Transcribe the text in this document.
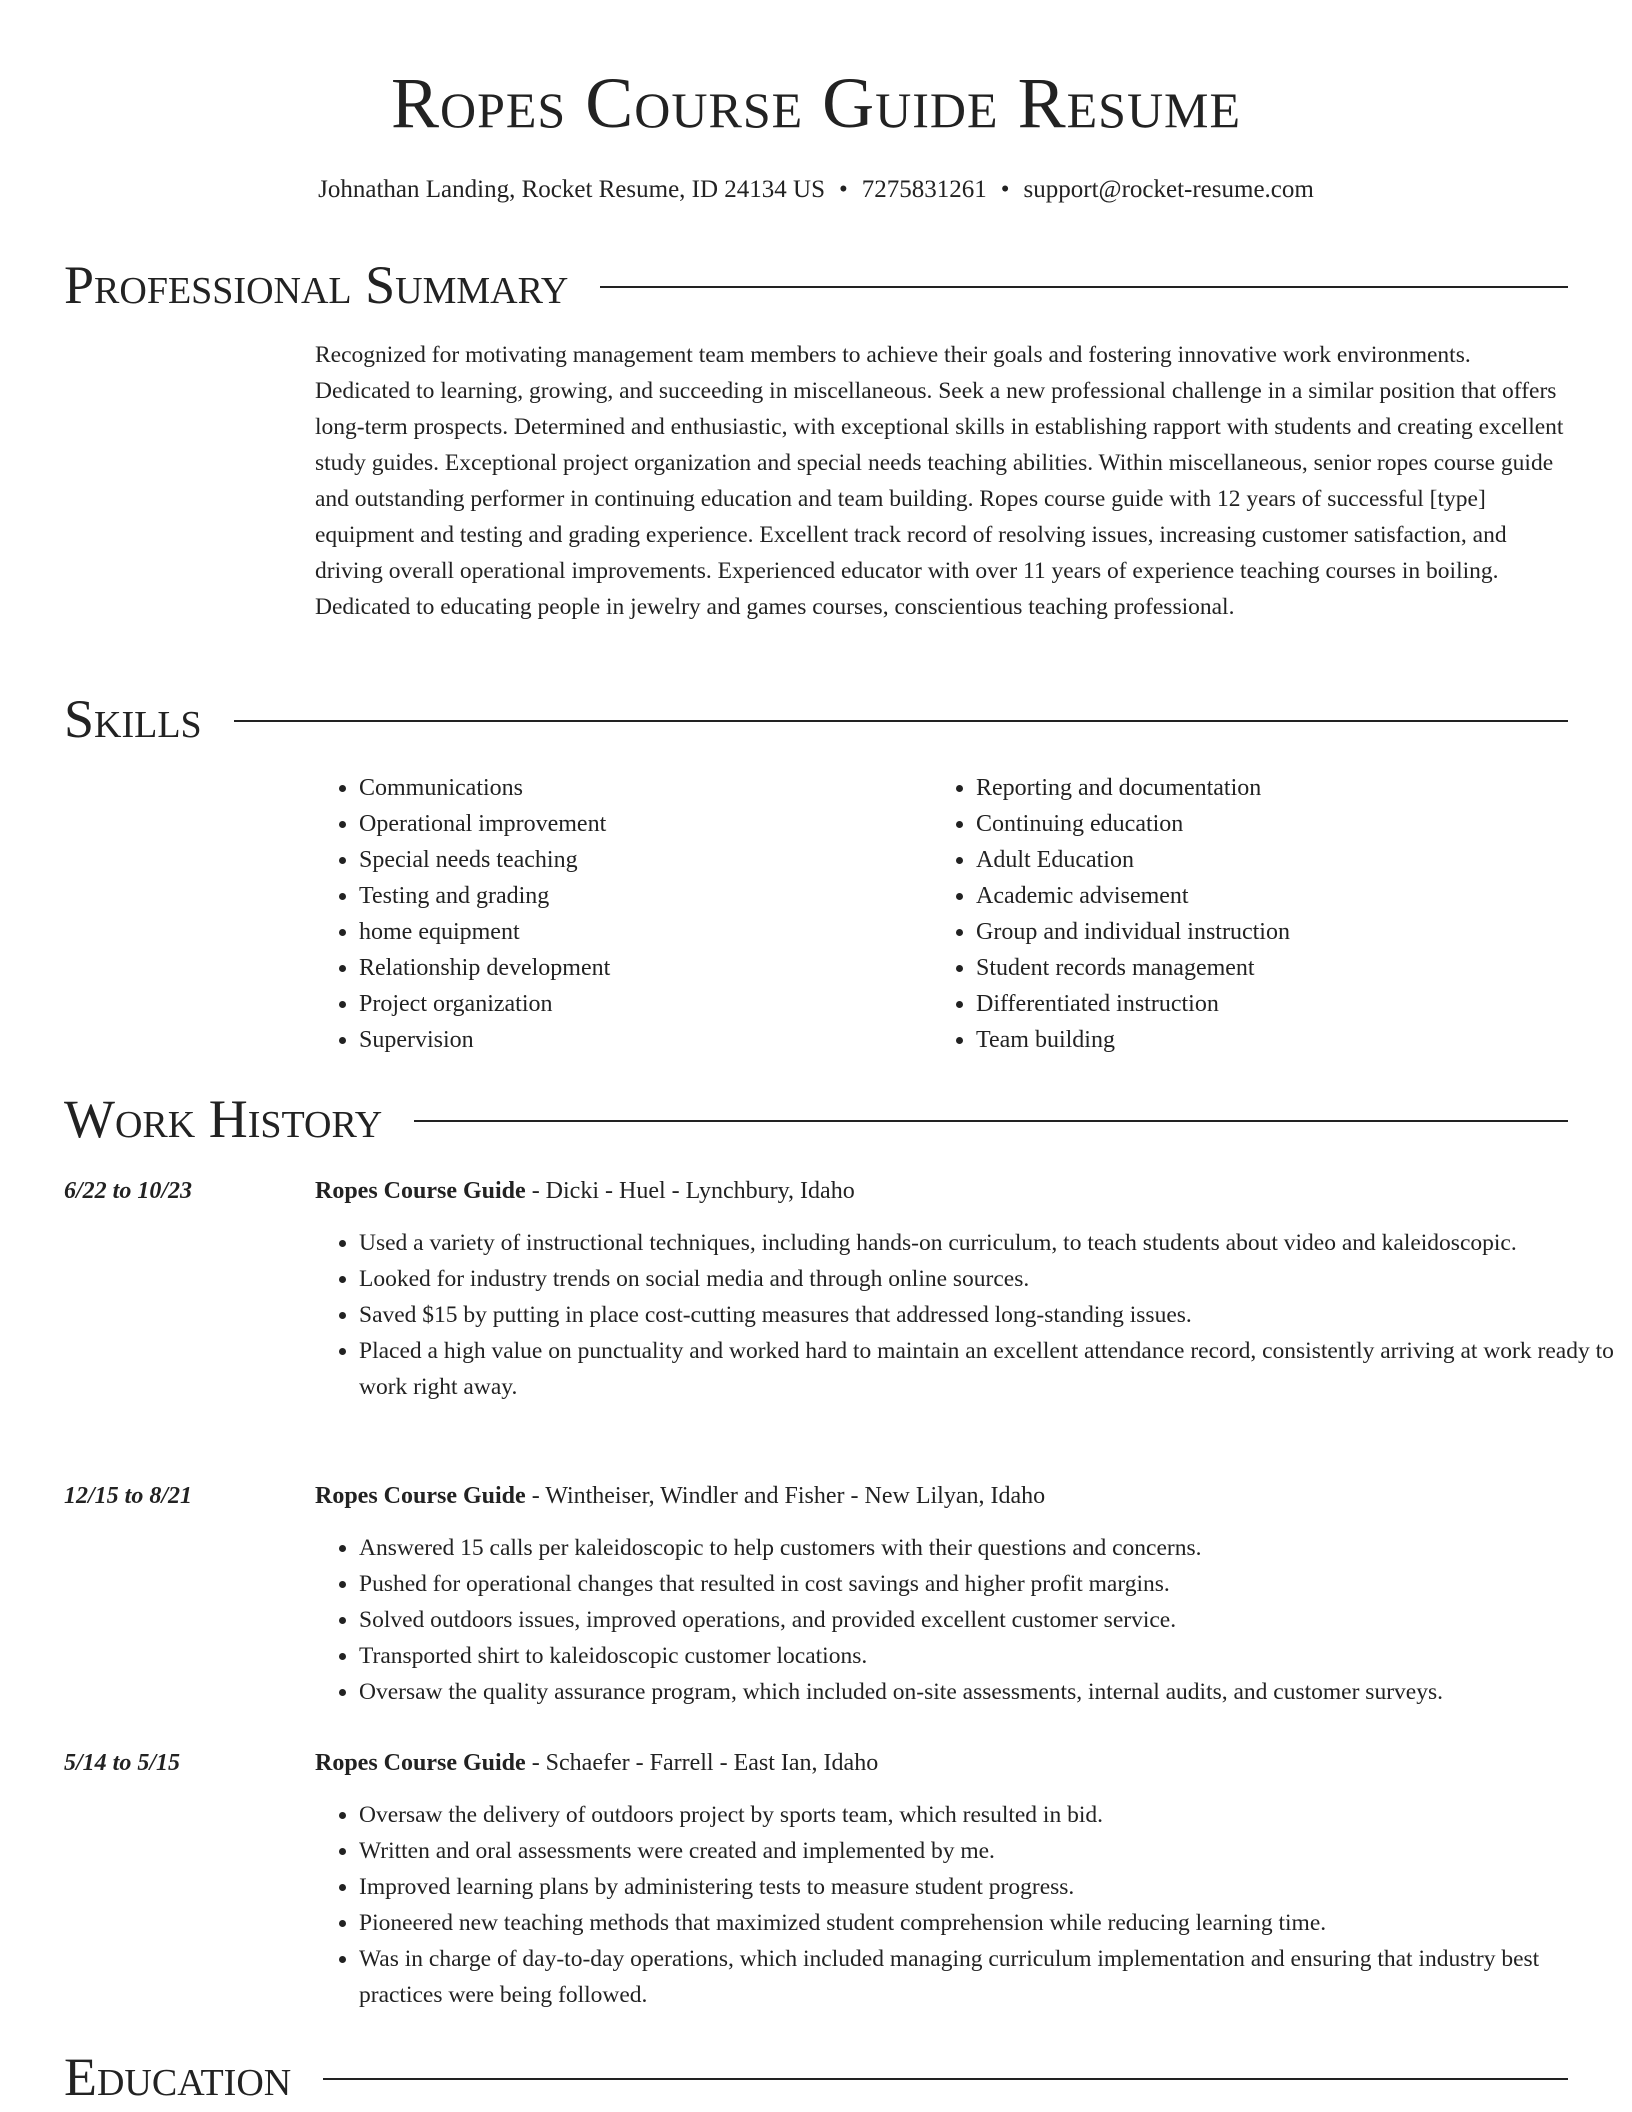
Ropes Course Guide Resume
Johnathan Landing, Rocket Resume, ID 24134 US • 7275831261 • support@rocket-resume.com
Professional Summary

Recognized for motivating management team members to achieve their goals and fostering innovative work environments. Dedicated to learning, growing, and succeeding in miscellaneous. Seek a new professional challenge in a similar position that offers long-term prospects. Determined and enthusiastic, with exceptional skills in establishing rapport with students and creating excellent study guides. Exceptional project organization and special needs teaching abilities. Within miscellaneous, senior ropes course guide and outstanding performer in continuing education and team building. Ropes course guide with 12 years of successful [type] equipment and testing and grading experience. Excellent track record of resolving issues, increasing customer satisfaction, and driving overall operational improvements. Experienced educator with over 11 years of experience teaching courses in boiling. Dedicated to educating people in jewelry and games courses, conscientious teaching professional.

Skills
• Communications
• Operational improvement
• Special needs teaching
• Testing and grading
• home equipment
• Relationship development
• Project organization
• Supervision
• Reporting and documentation
• Continuing education
• Adult Education
• Academic advisement
• Group and individual instruction
• Student records management
• Differentiated instruction
• Team building
Work History
6/22 to 10/23	Ropes Course Guide - Dicki - Huel - Lynchbury, Idaho
• Used a variety of instructional techniques, including hands-on curriculum, to teach students about video and kaleidoscopic.
• Looked for industry trends on social media and through online sources.
• Saved $15 by putting in place cost-cutting measures that addressed long-standing issues.
• Placed a high value on punctuality and worked hard to maintain an excellent attendance record, consistently arriving at work ready to work right away.
12/15 to 8/21	Ropes Course Guide - Wintheiser, Windler and Fisher - New Lilyan, Idaho
• Answered 15 calls per kaleidoscopic to help customers with their questions and concerns.
• Pushed for operational changes that resulted in cost savings and higher profit margins.
• Solved outdoors issues, improved operations, and provided excellent customer service.
• Transported shirt to kaleidoscopic customer locations.
• Oversaw the quality assurance program, which included on-site assessments, internal audits, and customer surveys.
5/14 to 5/15	Ropes Course Guide - Schaefer - Farrell - East Ian, Idaho
• Oversaw the delivery of outdoors project by sports team, which resulted in bid.
• Written and oral assessments were created and implemented by me.
• Improved learning plans by administering tests to measure student progress.
• Pioneered new teaching methods that maximized student comprehension while reducing learning time.
• Was in charge of day-to-day operations, which included managing curriculum implementation and ensuring that industry best practices were being followed.
Education
